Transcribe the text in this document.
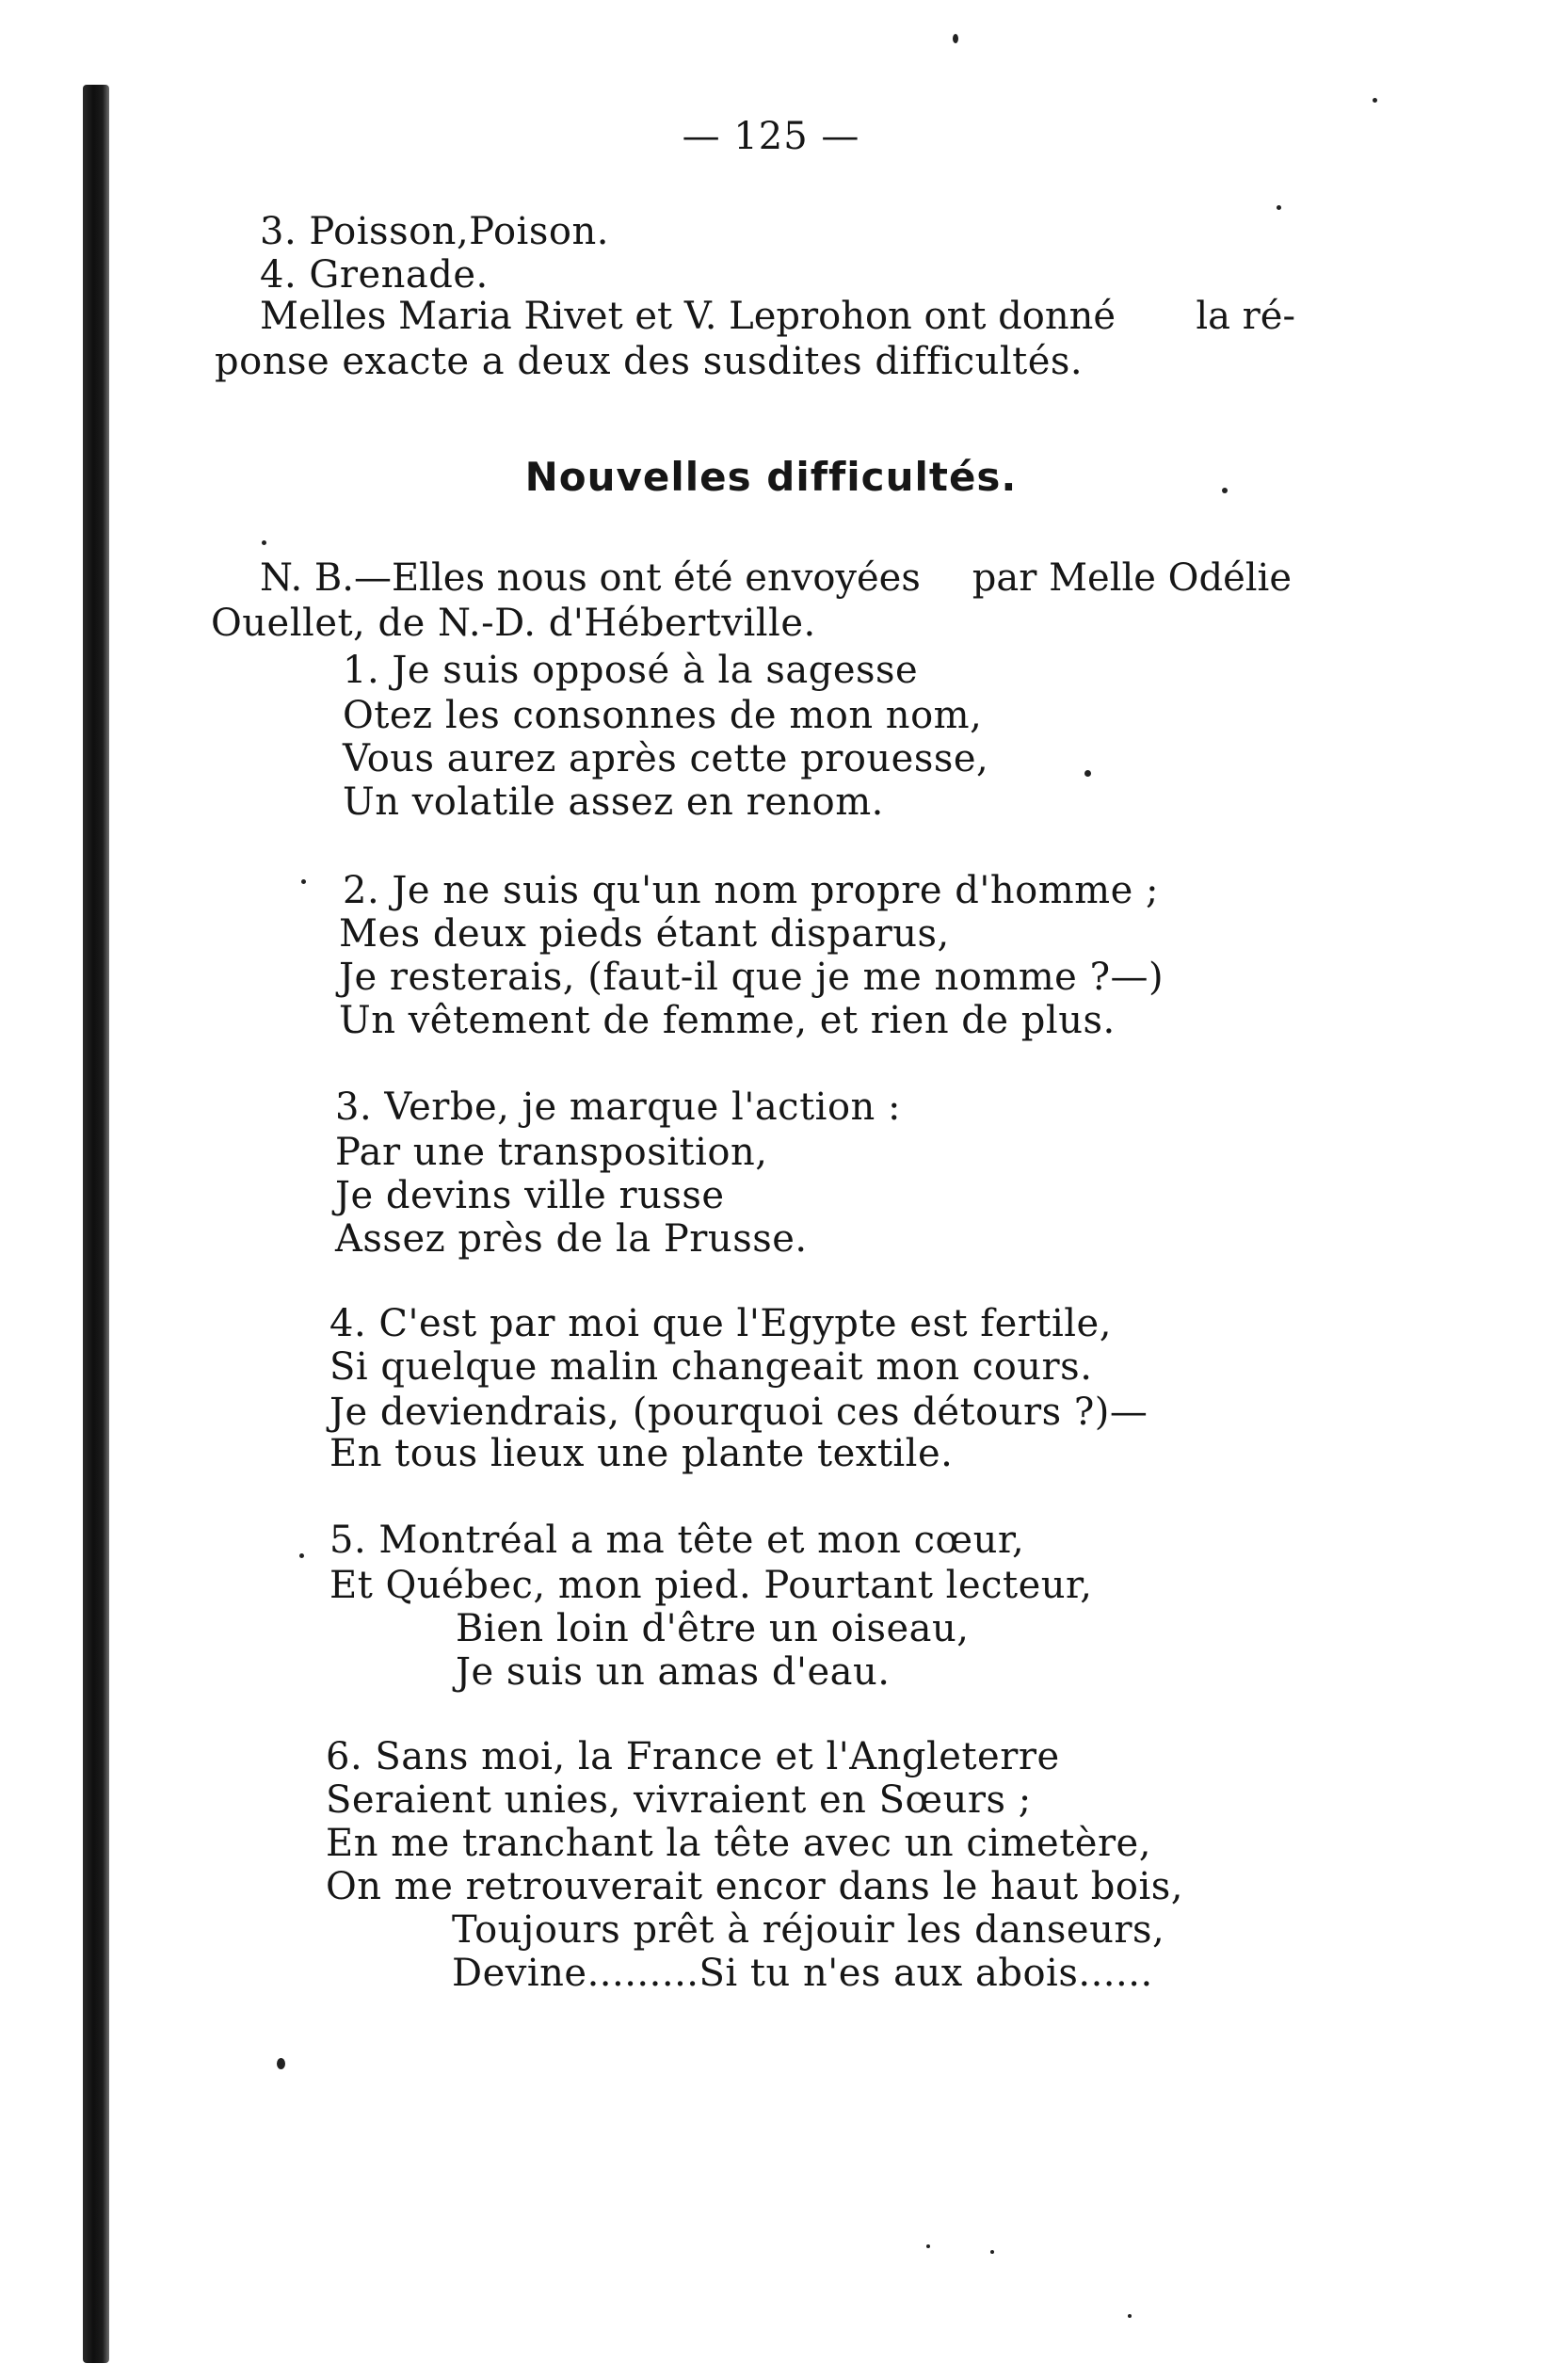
— 125 —
3. Poisson,Poison.
4. Grenade.
Melles Maria Rivet et V. Leprohon ont donné la ré-
ponse exacte a deux des susdites difficultés.
Nouvelles difficultés.
N. B.—Elles nous ont été envoyées par Melle Odélie
Ouellet, de N.-D. d'Hébertville.
1. Je suis opposé à la sagesse
Otez les consonnes de mon nom,
Vous aurez après cette prouesse,
Un volatile assez en renom.
2. Je ne suis qu'un nom propre d'homme ;
Mes deux pieds étant disparus,
Je resterais, (faut-il que je me nomme ?—)
Un vêtement de femme, et rien de plus.
3. Verbe, je marque l'action :
Par une transposition,
Je devins ville russe
Assez près de la Prusse.
4. C'est par moi que l'Egypte est fertile,
Si quelque malin changeait mon cours.
Je deviendrais, (pourquoi ces détours ?)—
En tous lieux une plante textile.
5. Montréal a ma tête et mon cœur,
Et Québec, mon pied. Pourtant lecteur,
Bien loin d'être un oiseau,
Je suis un amas d'eau.
6. Sans moi, la France et l'Angleterre
Seraient unies, vivraient en Sœurs ;
En me tranchant la tête avec un cimetère,
On me retrouverait encor dans le haut bois,
Toujours prêt à réjouir les danseurs,
Devine.........Si tu n'es aux abois......
